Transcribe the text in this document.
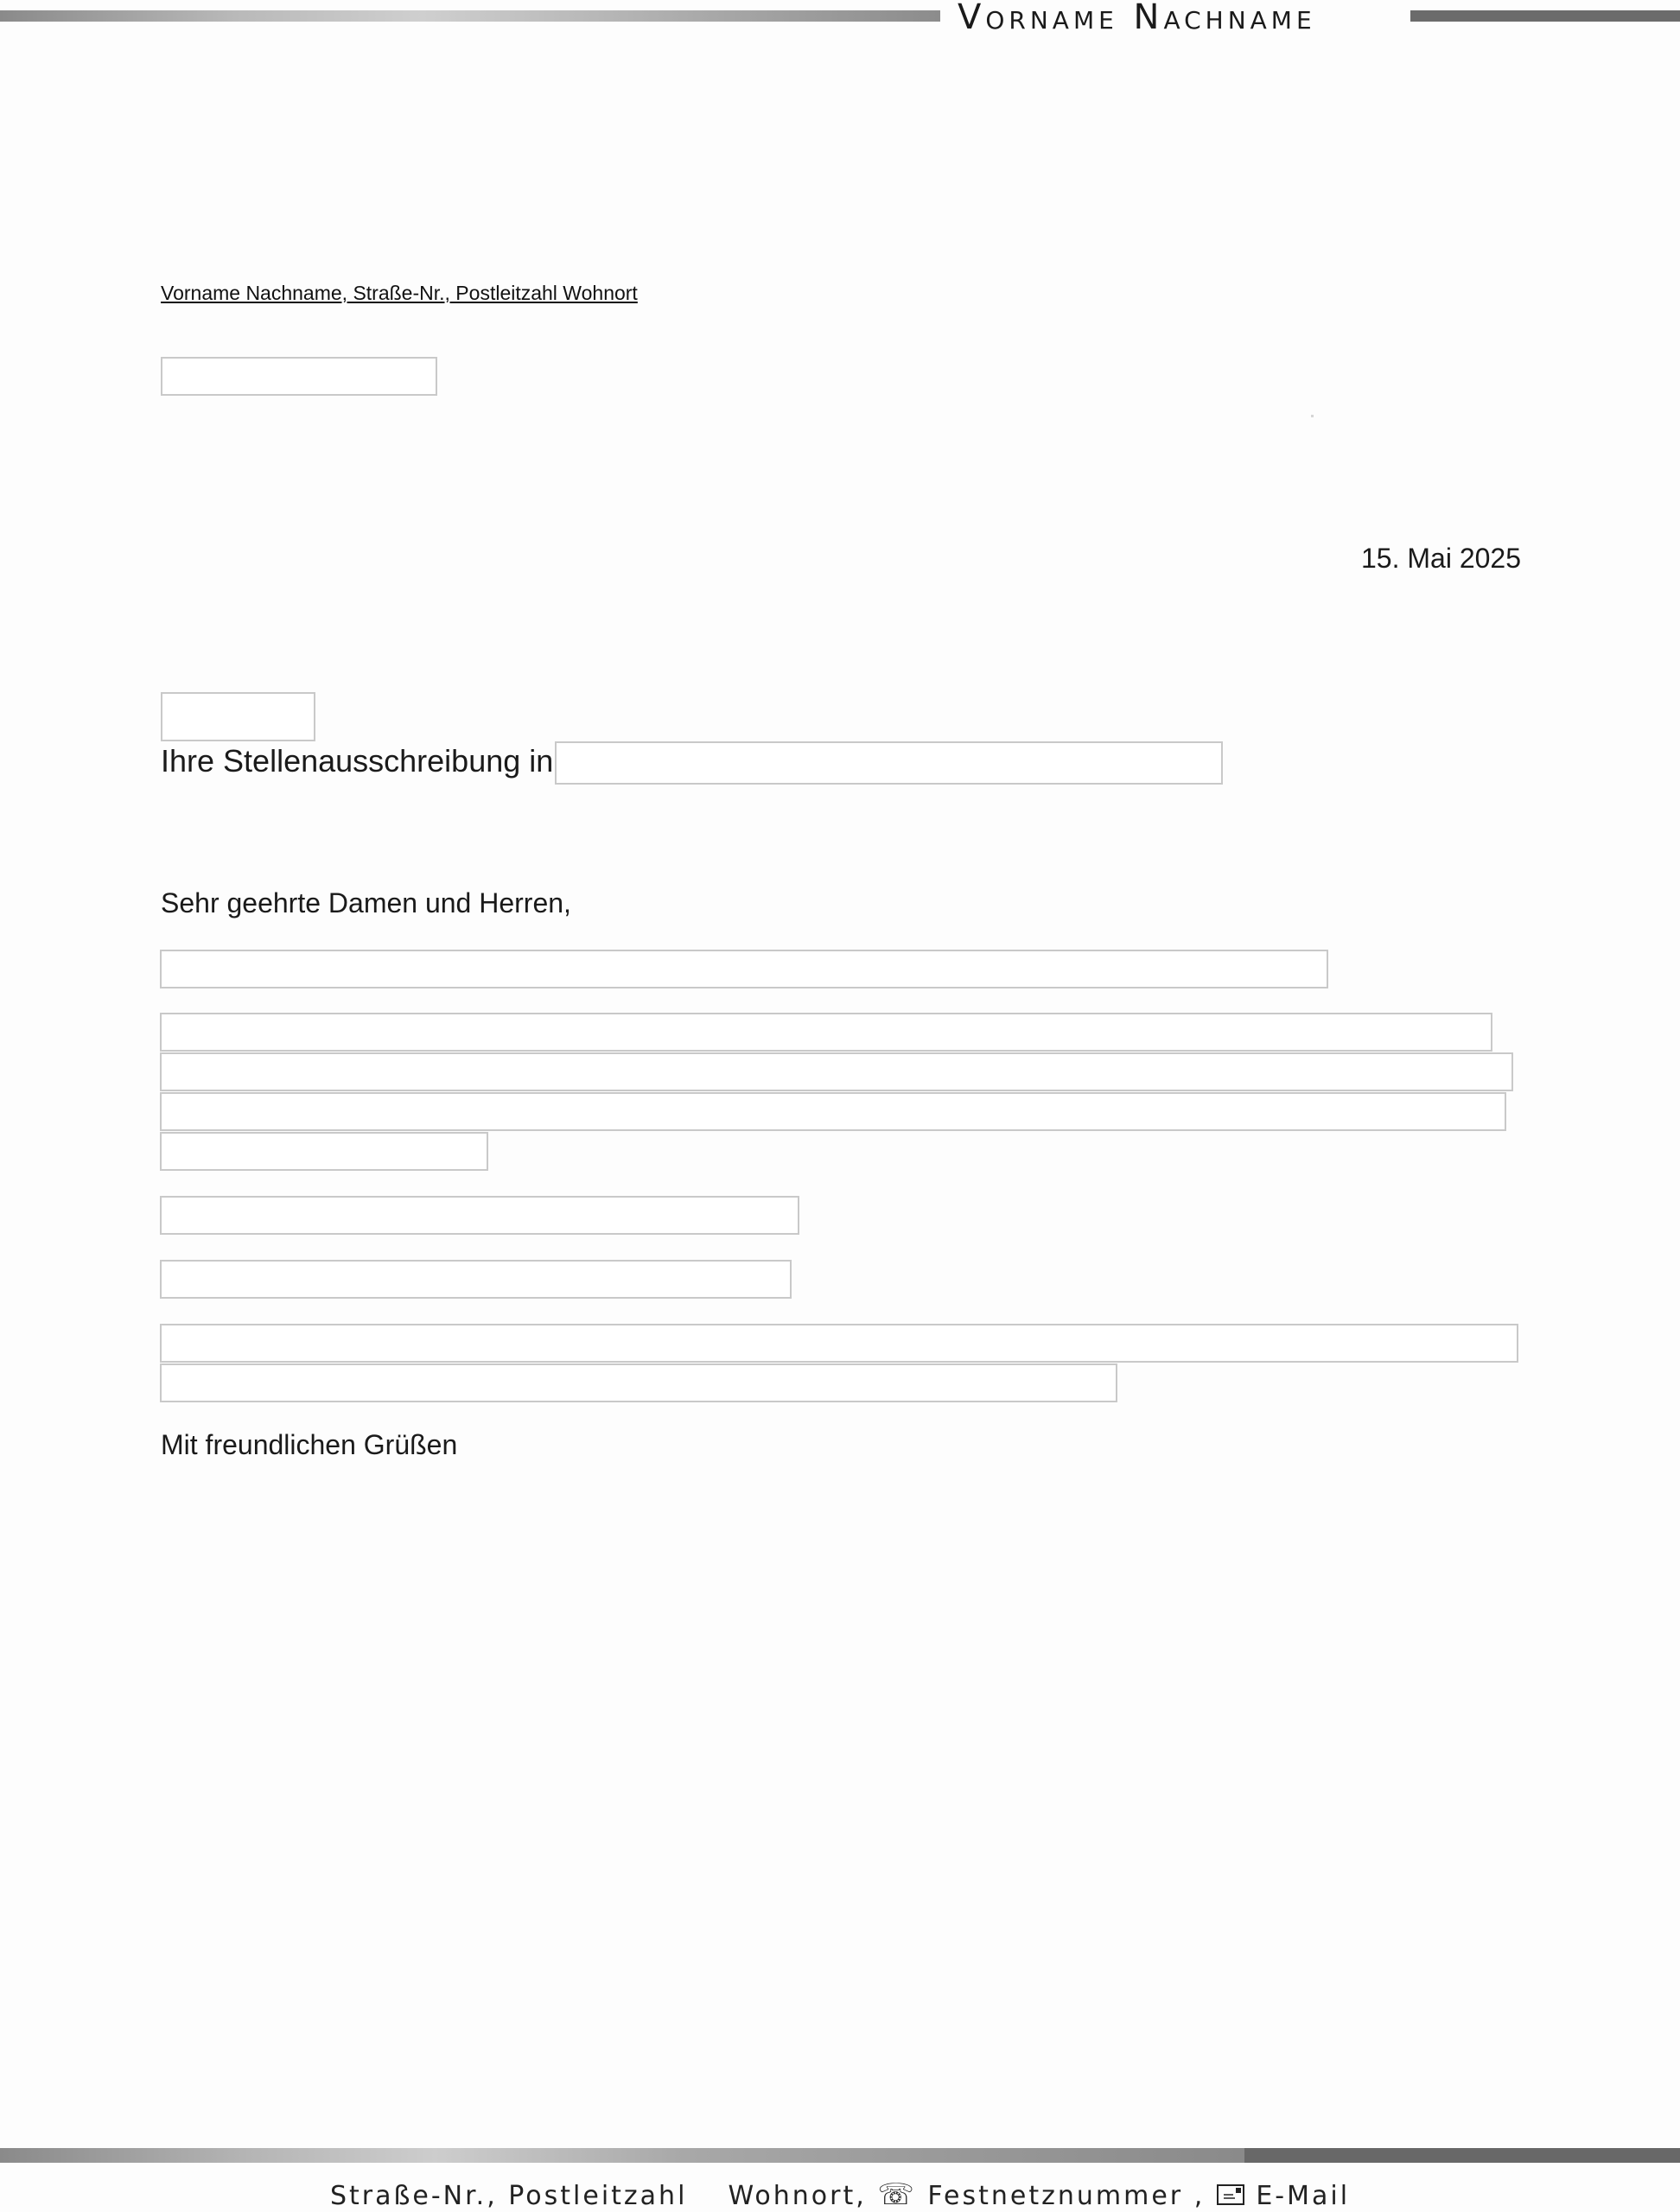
Vorname Nachname
Vorname Nachname, Straße-Nr., Postleitzahl Wohnort
15. Mai 2025
Ihre Stellenausschreibung in
Sehr geehrte Damen und Herren,
Mit freundlichen Grüßen
Straße-Nr., Postleitzahl Wohnort, ☏ Festnetznummer , E-Mail
